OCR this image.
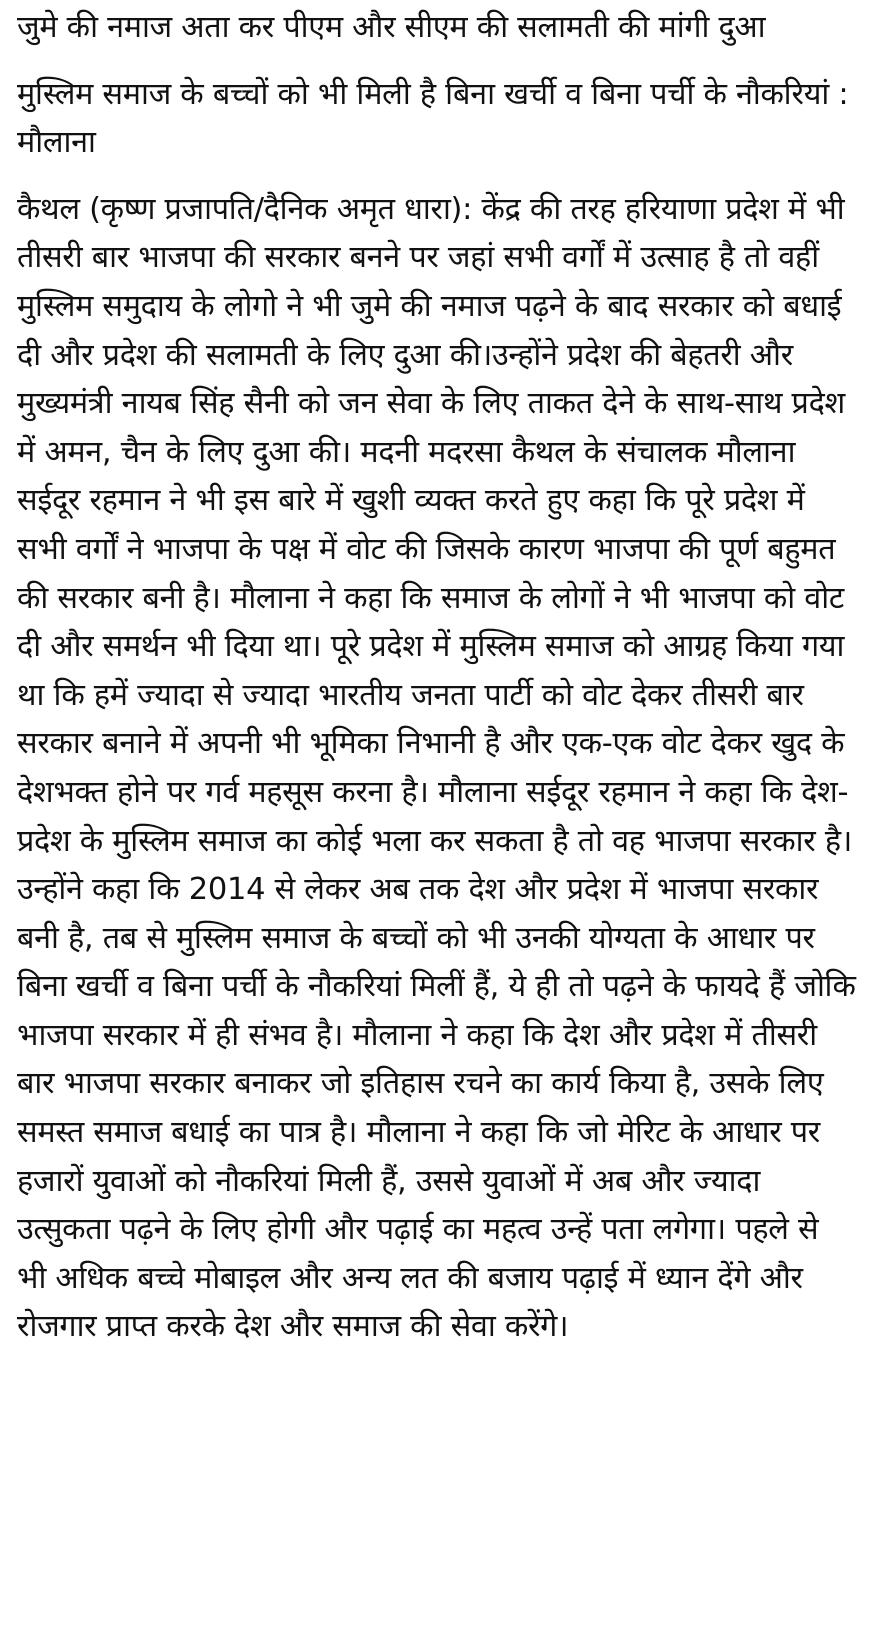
जुमे की नमाज अता कर पीएम और सीएम की सलामती की मांगी दुआ

मुस्लिम समाज के बच्चों को भी मिली है बिना खर्ची व बिना पर्ची के नौकरियां : मौलाना

कैथल (कृष्ण प्रजापति/दैनिक अमृत धारा): केंद्र की तरह हरियाणा प्रदेश में भी तीसरी बार भाजपा की सरकार बनने पर जहां सभी वर्गों में उत्साह है तो वहीं मुस्लिम समुदाय के लोगो ने भी जुमे की नमाज पढ़ने के बाद सरकार को बधाई दी और प्रदेश की सलामती के लिए दुआ की।उन्होंने प्रदेश की बेहतरी और मुख्यमंत्री नायब सिंह सैनी को जन सेवा के लिए ताकत देने के साथ-साथ प्रदेश में अमन, चैन के लिए दुआ की। मदनी मदरसा कैथल के संचालक मौलाना सईदूर रहमान ने भी इस बारे में खुशी व्यक्त करते हुए कहा कि पूरे प्रदेश में सभी वर्गों ने भाजपा के पक्ष में वोट की जिसके कारण भाजपा की पूर्ण बहुमत की सरकार बनी है। मौलाना ने कहा कि समाज के लोगों ने भी भाजपा को वोट दी और समर्थन भी दिया था। पूरे प्रदेश में मुस्लिम समाज को आग्रह किया गया था कि हमें ज्यादा से ज्यादा भारतीय जनता पार्टी को वोट देकर तीसरी बार सरकार बनाने में अपनी भी भूमिका निभानी है और एक-एक वोट देकर खुद के देशभक्त होने पर गर्व महसूस करना है। मौलाना सईदूर रहमान ने कहा कि देश-प्रदेश के मुस्लिम समाज का कोई भला कर सकता है तो वह भाजपा सरकार है। उन्होंने कहा कि 2014 से लेकर अब तक देश और प्रदेश में भाजपा सरकार बनी है, तब से मुस्लिम समाज के बच्चों को भी उनकी योग्यता के आधार पर बिना खर्ची व बिना पर्ची के नौकरियां मिलीं हैं, ये ही तो पढ़ने के फायदे हैं जोकि भाजपा सरकार में ही संभव है। मौलाना ने कहा कि देश और प्रदेश में तीसरी बार भाजपा सरकार बनाकर जो इतिहास रचने का कार्य किया है, उसके लिए समस्त समाज बधाई का पात्र है। मौलाना ने कहा कि जो मेरिट के आधार पर हजारों युवाओं को नौकरियां मिली हैं, उससे युवाओं में अब और ज्यादा उत्सुकता पढ़ने के लिए होगी और पढ़ाई का महत्व उन्हें पता लगेगा। पहले से भी अधिक बच्चे मोबाइल और अन्य लत की बजाय पढ़ाई में ध्यान देंगे और रोजगार प्राप्त करके देश और समाज की सेवा करेंगे।
